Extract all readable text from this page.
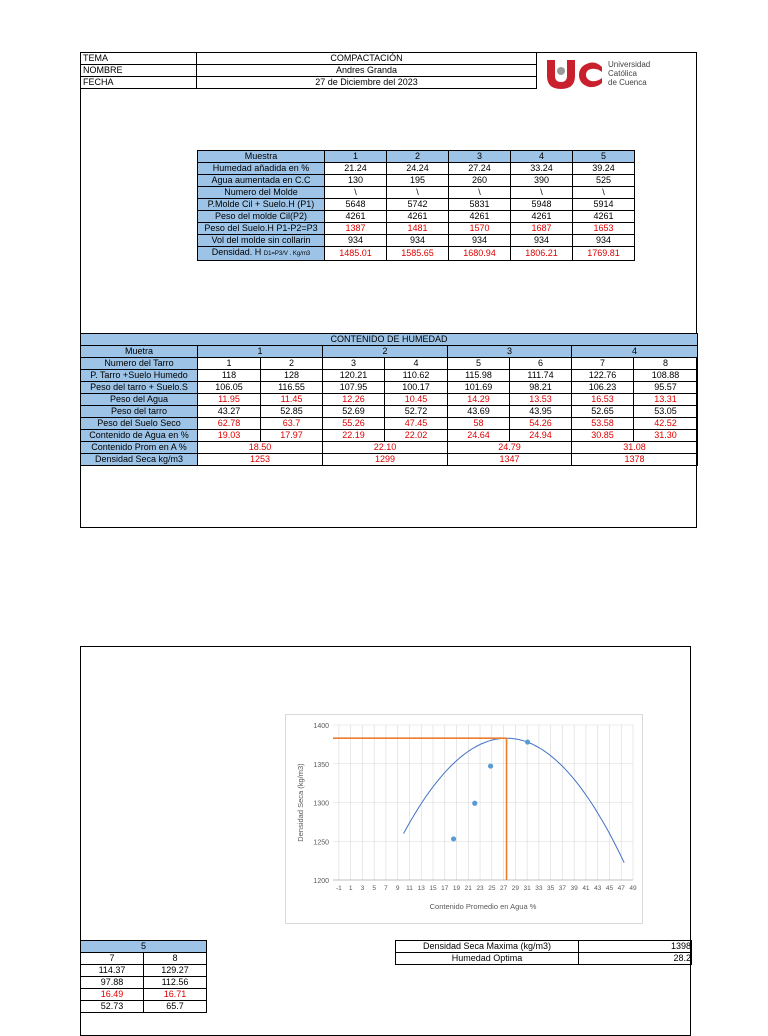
TEMA	COMPACTACIÓN
NOMBRE	Andres Granda
FECHA	27 de Diciembre del 2023
Universidad
Católica
de Cuenca
Muestra	1	2	3	4	5
Humedad añadida en %	21.24	24.24	27.24	33.24	39.24
Agua aumentada en C.C	130	195	260	390	525
Numero del Molde	\	\	\	\	\
P.Molde Cil + Suelo.H (P1)	5648	5742	5831	5948	5914
Peso del molde Cil(P2)	4261	4261	4261	4261	4261
Peso del Suelo.H P1-P2=P3	1387	1481	1570	1687	1653
Vol del molde sin collarin	934	934	934	934	934
Densidad. H D1=P3/V . Kg/m3	1485.01	1585.65	1680.94	1806.21	1769.81
CONTENIDO DE HUMEDAD								
Muetra	1		2		3		4	
Numero del Tarro	1	2	3	4	5	6	7	8
P. Tarro +Suelo Humedo	118	128	120.21	110.62	115.98	111.74	122.76	108.88
Peso del tarro + Suelo.S	106.05	116.55	107.95	100.17	101.69	98.21	106.23	95.57
Peso del Agua	11.95	11.45	12.26	10.45	14.29	13.53	16.53	13.31
Peso del tarro	43.27	52.85	52.69	52.72	43.69	43.95	52.65	53.05
Peso del Suelo Seco	62.78	63.7	55.26	47.45	58	54.26	53.58	42.52
Contenido de Agua en %	19.03	17.97	22.19	22.02	24.64	24.94	30.85	31.30
Contenido Prom en A %	18.50		22.10		24.79		31.08	
Densidad Seca kg/m3	1253		1299		1347		1378	
1200
1250
1300
1350
1400
-1 1 3 5 7 9 11 13 15 17 19 21 23 25 27 29 31 33 35 37 39 41 43 45 47 49
Contenido Promedio en Agua %
Densidad Seca (kg/m3)
Densidad Seca Maxima (kg/m3)	1398
Humedad Optima	28.2
5	
7	8
114.37	129.27
97.88	112.56
16.49	16.71
52.73	65.7
